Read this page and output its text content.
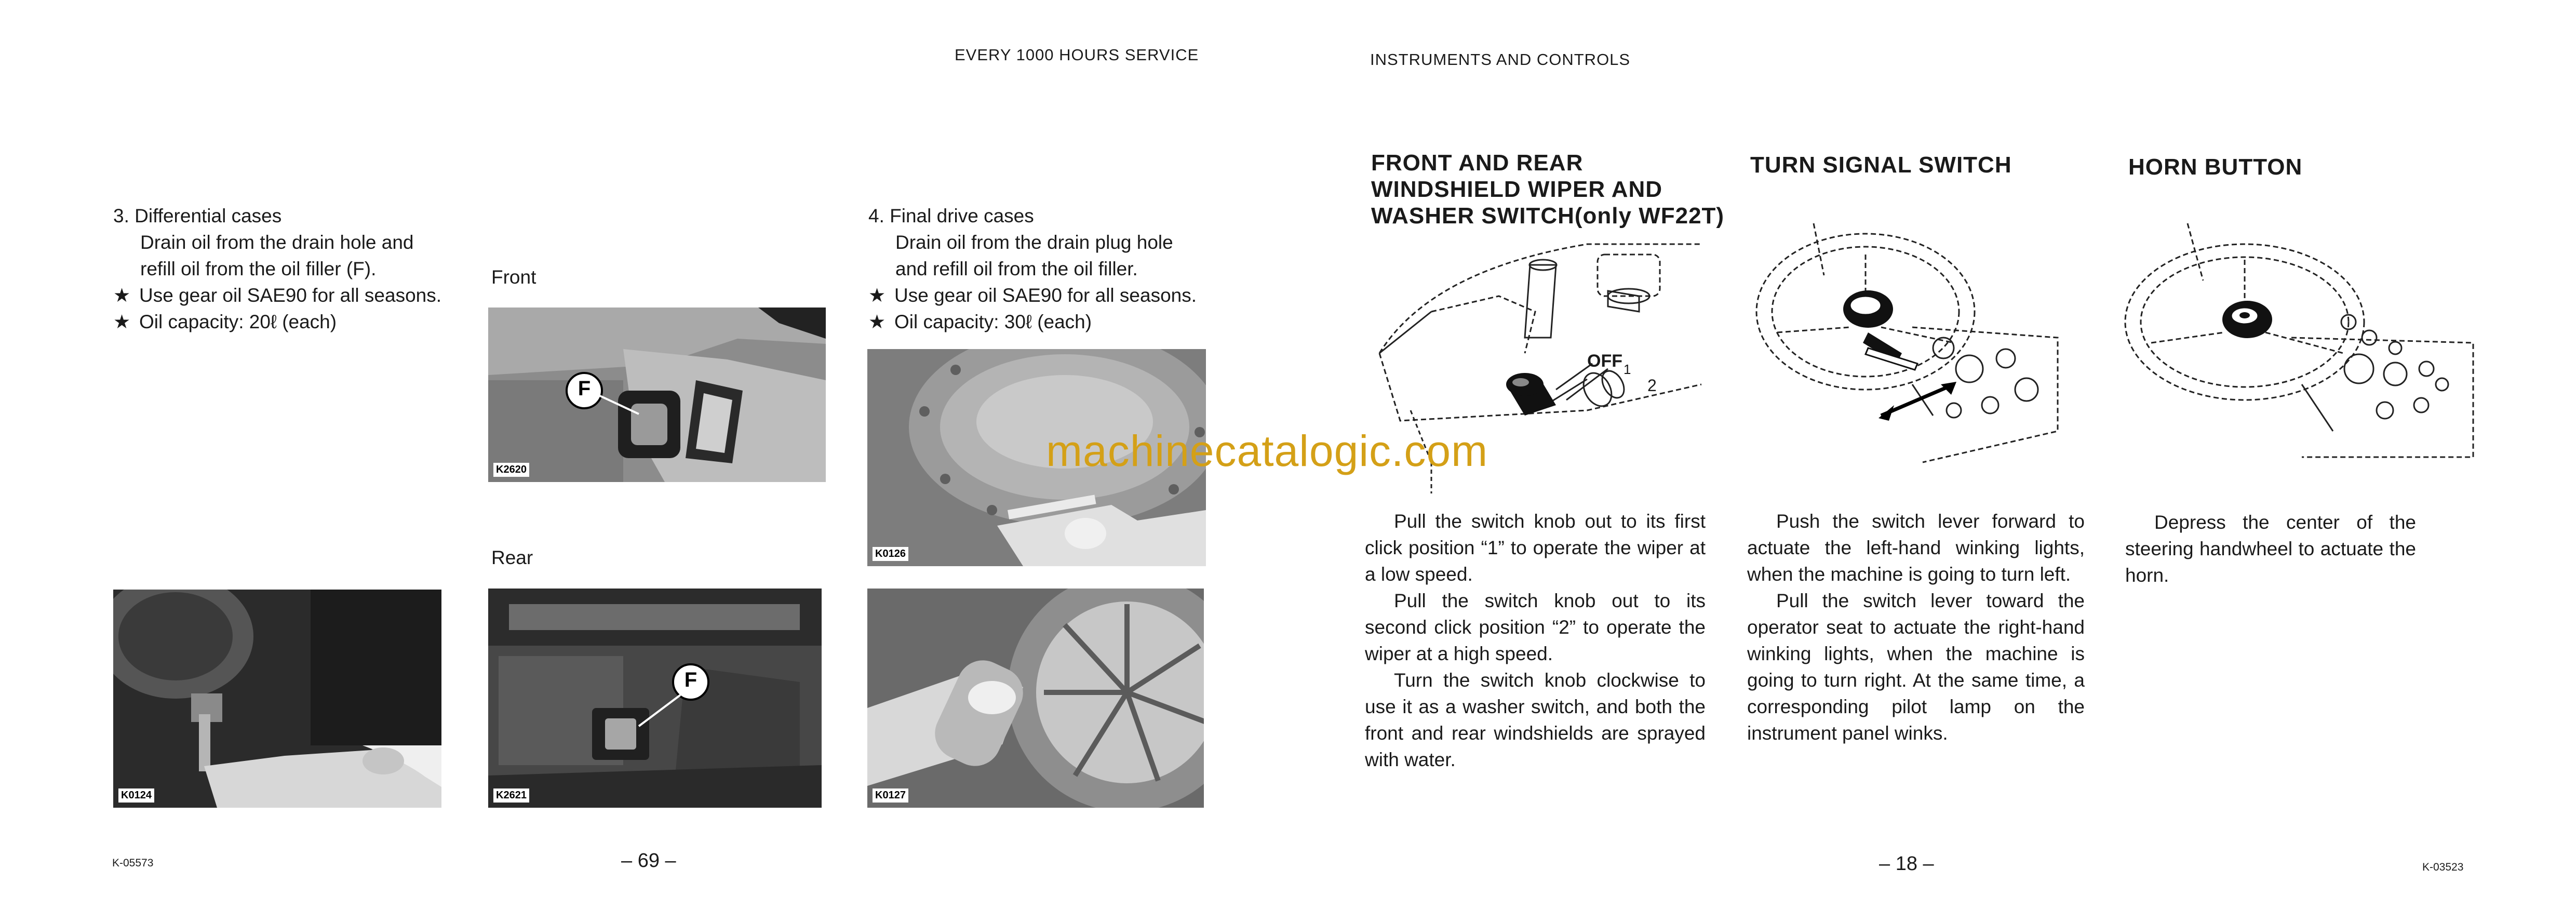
EVERY 1000 HOURS SERVICE
3. Differential cases
Drain oil from the drain hole and
refill oil from the oil filler (F).
★ Use gear oil SAE90 for all seasons.
★ Oil capacity: 20ℓ (each)
4. Final drive cases
Drain oil from the drain plug hole
and refill oil from the oil filler.
★ Use gear oil SAE90 for all seasons.
★ Oil capacity: 30ℓ (each)
Front
Rear
K0124
F
K2620
F
K2621
K0126
K0127
K-05573	– 69 –
INSTRUMENTS AND CONTROLS
FRONT AND REAR
WINDSHIELD WIPER AND
WASHER SWITCH(only WF22T)
TURN SIGNAL SWITCH	HORN BUTTON
OFF 1
2
Pull the switch knob out to its first click position “1” to operate the wiper at a low speed.
Pull the switch knob out to its second click position “2” to operate the wiper at a high speed.
Turn the switch knob clockwise to use it as a washer switch, and both the front and rear windshields are sprayed with water.
Push the switch lever forward to actuate the left-hand winking lights, when the machine is going to turn left.
Pull the switch lever toward the operator seat to actuate the right-hand winking lights, when the machine is going to turn right. At the same time, a corresponding pilot lamp on the instrument panel winks.
Depress the center of the steering handwheel to actuate the horn.
– 18 –	K-03523
machinecatalogic.com
